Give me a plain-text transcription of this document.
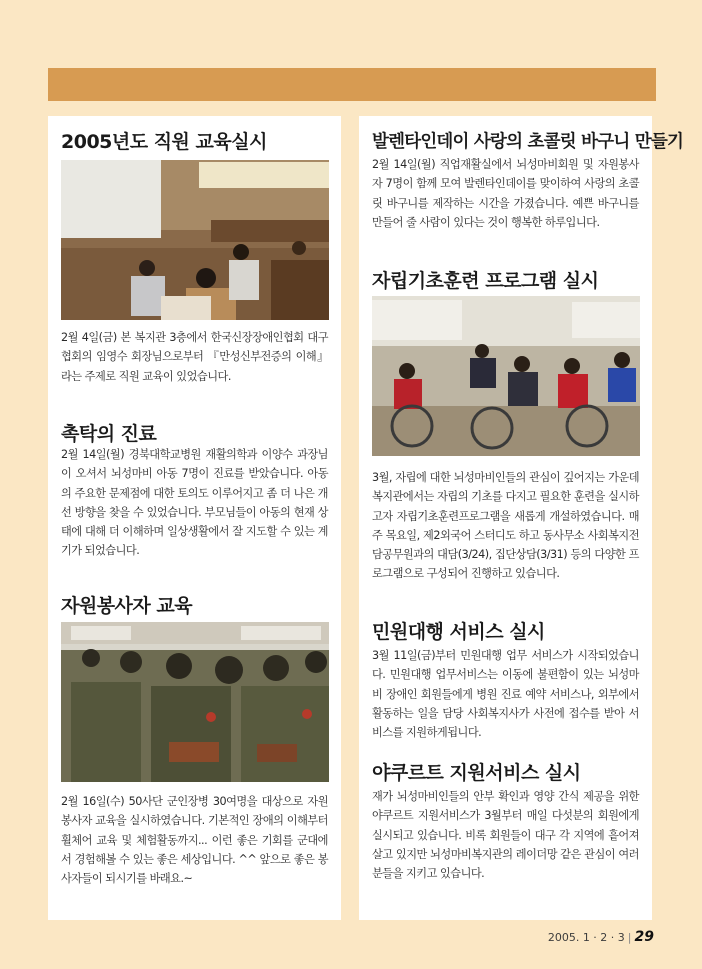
2005년도 직원 교육실시

2월 4일(금) 본 복지관 3층에서 한국신장장애인협회 대구협회의 임영수 회장님으로부터 『만성신부전증의 이해』라는 주제로 직원 교육이 있었습니다.

촉탁의 진료

2월 14일(월) 경북대학교병원 재활의학과 이양수 과장님이 오셔서 뇌성마비 아동 7명이 진료를 받았습니다. 아동의 주요한 문제점에 대한 토의도 이루어지고 좀 더 나은 개선 방향을 찾을 수 있었습니다. 부모님들이 아동의 현재 상태에 대해 더 이해하며 일상생활에서 잘 지도할 수 있는 계기가 되었습니다.

자원봉사자 교육

2월 16일(수) 50사단 군인장병 30여명을 대상으로 자원봉사자 교육을 실시하였습니다. 기본적인 장애의 이해부터 휠체어 교육 및 체험활동까지... 이런 좋은 기회를 군대에서 경험해볼 수 있는 좋은 세상입니다. ^^ 앞으로 좋은 봉사자들이 되시기를 바래요.~

발렌타인데이 사랑의 초콜릿 바구니 만들기

2월 14일(월) 직업재활실에서 뇌성마비회원 및 자원봉사자 7명이 함께 모여 발렌타인데이를 맞이하여 사랑의 초콜릿 바구니를 제작하는 시간을 가졌습니다. 예쁜 바구니를 만들어 줄 사람이 있다는 것이 행복한 하루입니다.

자립기초훈련 프로그램 실시

3월, 자립에 대한 뇌성마비인들의 관심이 깊어지는 가운데 복지관에서는 자립의 기초를 다지고 필요한 훈련을 실시하고자 자립기초훈련프로그램을 새롭게 개설하였습니다. 매주 목요일, 제2외국어 스터디도 하고 동사무소 사회복지전담공무원과의 대담(3/24), 집단상담(3/31) 등의 다양한 프로그램으로 구성되어 진행하고 있습니다.

민원대행 서비스 실시

3월 11일(금)부터 민원대행 업무 서비스가 시작되었습니다. 민원대행 업무서비스는 이동에 불편함이 있는 뇌성마비 장애인 회원들에게 병원 진료 예약 서비스나, 외부에서 활동하는 일을 담당 사회복지사가 사전에 접수를 받아 서비스를 지원하게됩니다.

야쿠르트 지원서비스 실시

재가 뇌성마비인들의 안부 확인과 영양 간식 제공을 위한 야쿠르트 지원서비스가 3월부터 매일 다섯분의 회원에게 실시되고 있습니다. 비록 회원들이 대구 각 지역에 흩어져 살고 있지만 뇌성마비복지관의 레이더망 같은 관심이 여러분들을 지키고 있습니다.

2005. 1 · 2 · 3 | 29
